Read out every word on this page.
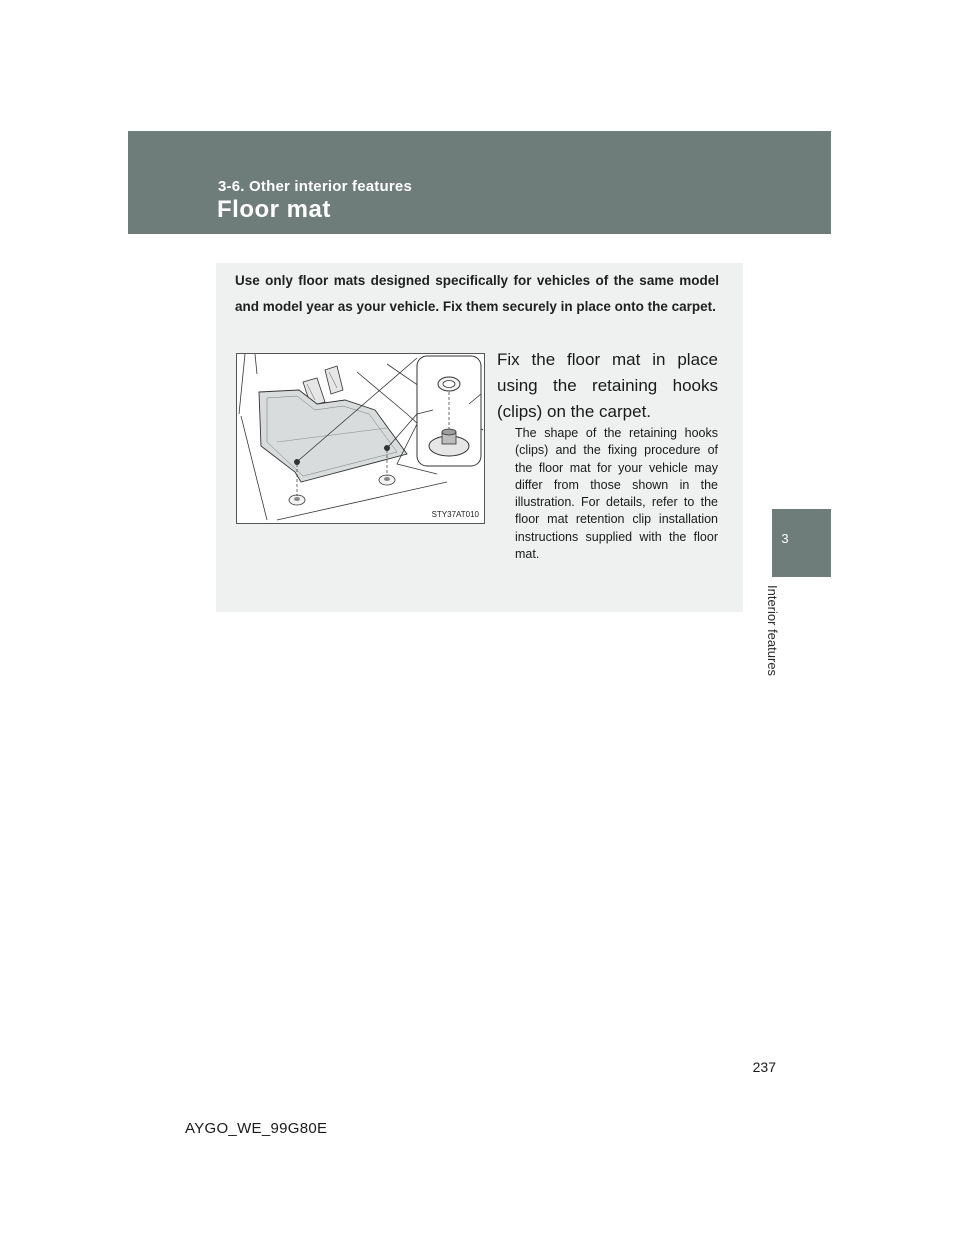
3-6. Other interior features
Floor mat
3
Interior features
Use only floor mats designed specifically for vehicles of the same model and model year as your vehicle. Fix them securely in place onto the carpet.
STY37AT010
Fix the floor mat in place using the retaining hooks (clips) on the carpet.
The shape of the retaining hooks (clips) and the fixing procedure of the floor mat for your vehicle may differ from those shown in the illustration. For details, refer to the floor mat retention clip installation instructions supplied with the floor mat.
237
AYGO_WE_99G80E
